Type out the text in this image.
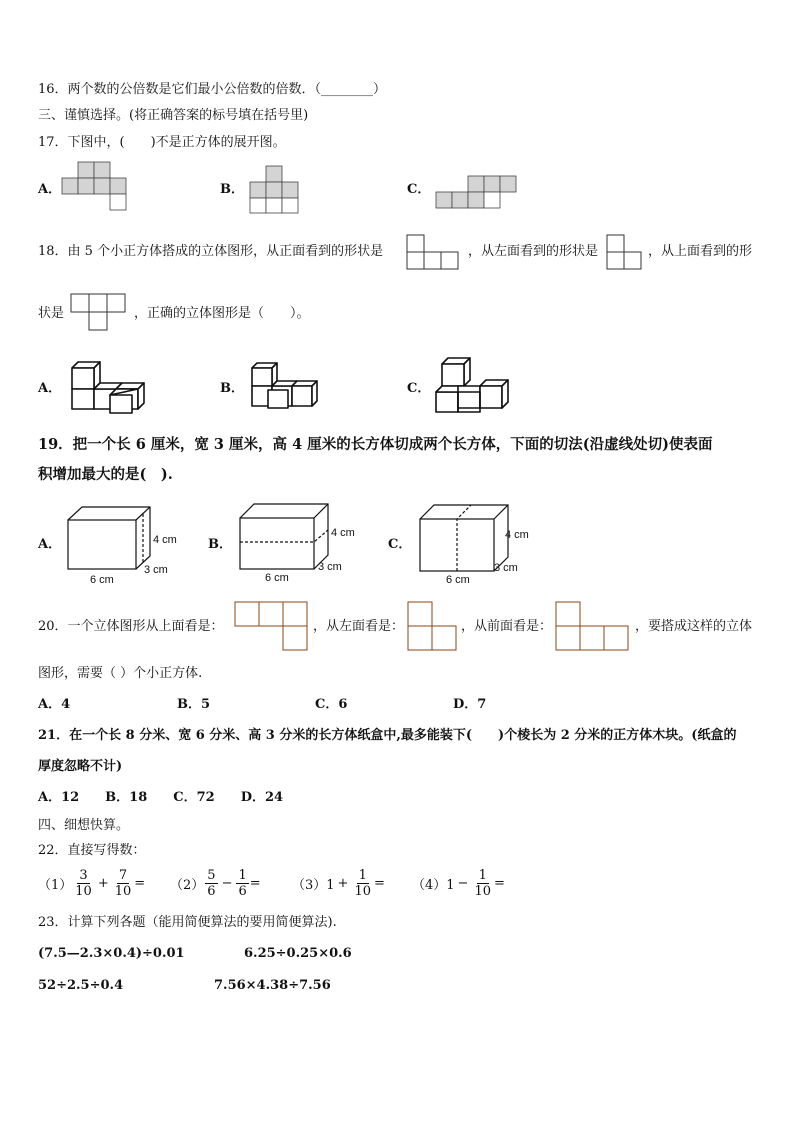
16．两个数的公倍数是它们最小公倍数的倍数．（________）
三、谨慎选择。(将正确答案的标号填在括号里)
17．下图中，(　　)不是正方体的展开图。
A．	B．	C．
18．由 5 个小正方体搭成的立体图形，从正面看到的形状是	，从左面看到的形状是	，从上面看到的形
状是	，正确的立体图形是（　　）。
A．	B．	C．
19．把一个长 6 厘米，宽 3 厘米，高 4 厘米的长方体切成两个长方体，下面的切法(沿虚线处切)使表面
积增加最大的是(　).
A．	4 cm
3 cm
6 cm
B．
4 cm
3 cm
6 cm
C．
4 cm
3 cm
6 cm
20．一个立体图形从上面看是：	，从左面看是：	，从前面看是：	，要搭成这样的立体
图形，需要（ ）个小正方体.
A．4	B．5	C．6	D．7
21．在一个长 8 分米、宽 6 分米、高 3 分米的长方体纸盒中,最多能装下(　　)个棱长为 2 分米的正方体木块。(纸盒的
厚度忽略不计)
A．12　　B．18　　C．72　　D．24
四、细想快算。
22．直接写得数：
$(1) \frac{3}{10} + \frac{7}{10} = (2) \frac{5}{6} - \frac{1}{6} = (3)1 + \frac{1}{10} = (4)1 - \frac{1}{10}$ =
23．计算下列各题（能用简便算法的要用简便算法).
(7.5—2.3×0.4)÷0.01	6.25÷0.25×0.6
52÷2.5÷0.4	7.56×4.38÷7.56
